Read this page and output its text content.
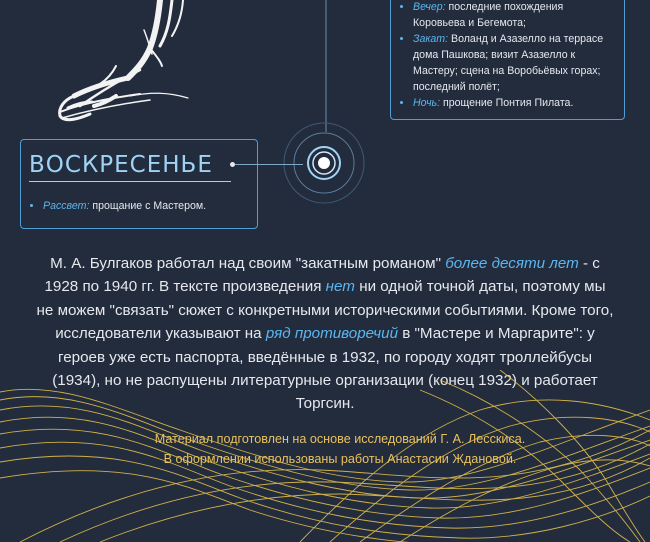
• Вечер: последние похождения Коровьева и Бегемота;
• Закат: Воланд и Азазелло на террасе дома Пашкова; визит Азазелло к Мастеру; сцена на Воробьёвых горах; последний полёт;
• Ночь: прощение Понтия Пилата.
ВОСКРЕСЕНЬЕ
• Рассвет: прощание с Мастером.
М. А. Булгаков работал над своим "закатным романом" более десяти лет - с 1928 по 1940 гг. В тексте произведения нет ни одной точной даты, поэтому мы не можем "связать" сюжет с конкретными историческими событиями. Кроме того, исследователи указывают на ряд противоречий в "Мастере и Маргарите": у героев уже есть паспорта, введённые в 1932, по городу ходят троллейбусы (1934), но не распущены литературные организации (конец 1932) и работает Торгсин.
Материал подготовлен на основе исследований Г. А. Лесскиса.
В оформлении использованы работы Анастасии Ждановой.
